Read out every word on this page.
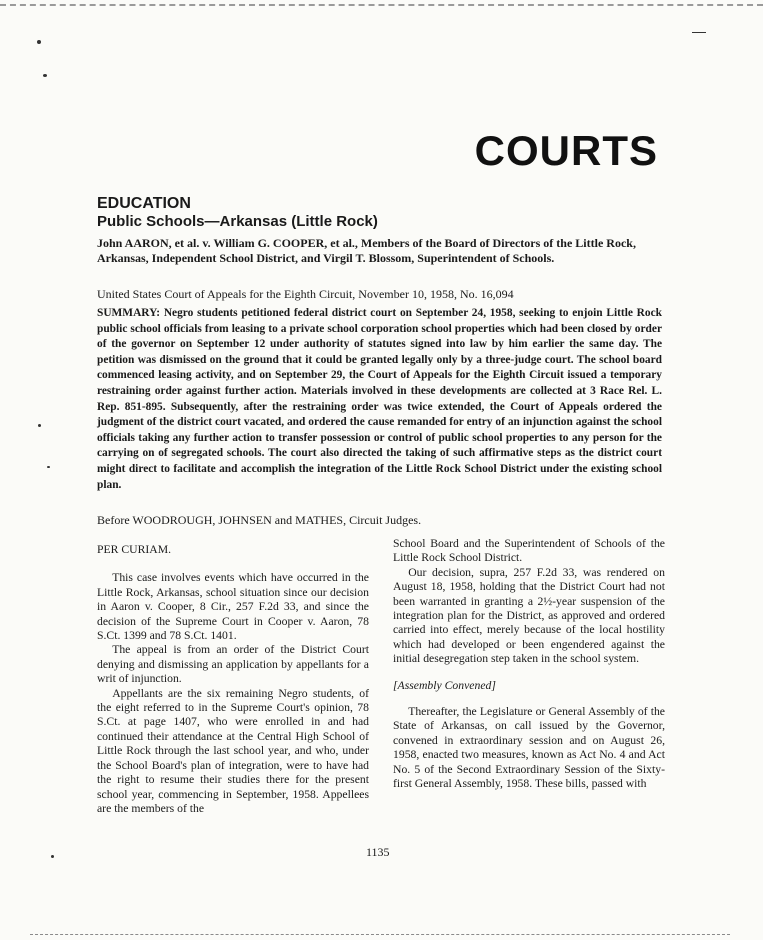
COURTS
EDUCATION
Public Schools—Arkansas (Little Rock)
John AARON, et al. v. William G. COOPER, et al., Members of the Board of Directors of the Little Rock, Arkansas, Independent School District, and Virgil T. Blossom, Superintendent of Schools.
United States Court of Appeals for the Eighth Circuit, November 10, 1958, No. 16,094
SUMMARY: Negro students petitioned federal district court on September 24, 1958, seeking to enjoin Little Rock public school officials from leasing to a private school corporation school properties which had been closed by order of the governor on September 12 under authority of statutes signed into law by him earlier the same day. The petition was dismissed on the ground that it could be granted legally only by a three-judge court. The school board commenced leasing activity, and on September 29, the Court of Appeals for the Eighth Circuit issued a temporary restraining order against further action. Materials involved in these developments are collected at 3 Race Rel. L. Rep. 851-895. Subsequently, after the restraining order was twice extended, the Court of Appeals ordered the judgment of the district court vacated, and ordered the cause remanded for entry of an injunction against the school officials taking any further action to transfer possession or control of public school properties to any person for the carrying on of segregated schools. The court also directed the taking of such affirmative steps as the district court might direct to facilitate and accomplish the integration of the Little Rock School District under the existing school plan.
Before WOODROUGH, JOHNSEN and MATHES, Circuit Judges.

PER CURIAM.

This case involves events which have occurred in the Little Rock, Arkansas, school situation since our decision in Aaron v. Cooper, 8 Cir., 257 F.2d 33, and since the decision of the Supreme Court in Cooper v. Aaron, 78 S.Ct. 1399 and 78 S.Ct. 1401.

The appeal is from an order of the District Court denying and dismissing an application by appellants for a writ of injunction.

Appellants are the six remaining Negro students, of the eight referred to in the Supreme Court's opinion, 78 S.Ct. at page 1407, who were enrolled in and had continued their attendance at the Central High School of Little Rock through the last school year, and who, under the School Board's plan of integration, were to have had the right to resume their studies there for the present school year, commencing in September, 1958. Appellees are the members of the

School Board and the Superintendent of Schools of the Little Rock School District.

Our decision, supra, 257 F.2d 33, was rendered on August 18, 1958, holding that the District Court had not been warranted in granting a 2½-year suspension of the integration plan for the District, as approved and ordered carried into effect, merely because of the local hostility which had developed or been engendered against the initial desegregation step taken in the school system.

[Assembly Convened]

Thereafter, the Legislature or General Assembly of the State of Arkansas, on call issued by the Governor, convened in extraordinary session and on August 26, 1958, enacted two measures, known as Act No. 4 and Act No. 5 of the Second Extraordinary Session of the Sixty-first General Assembly, 1958. These bills, passed with

1135
